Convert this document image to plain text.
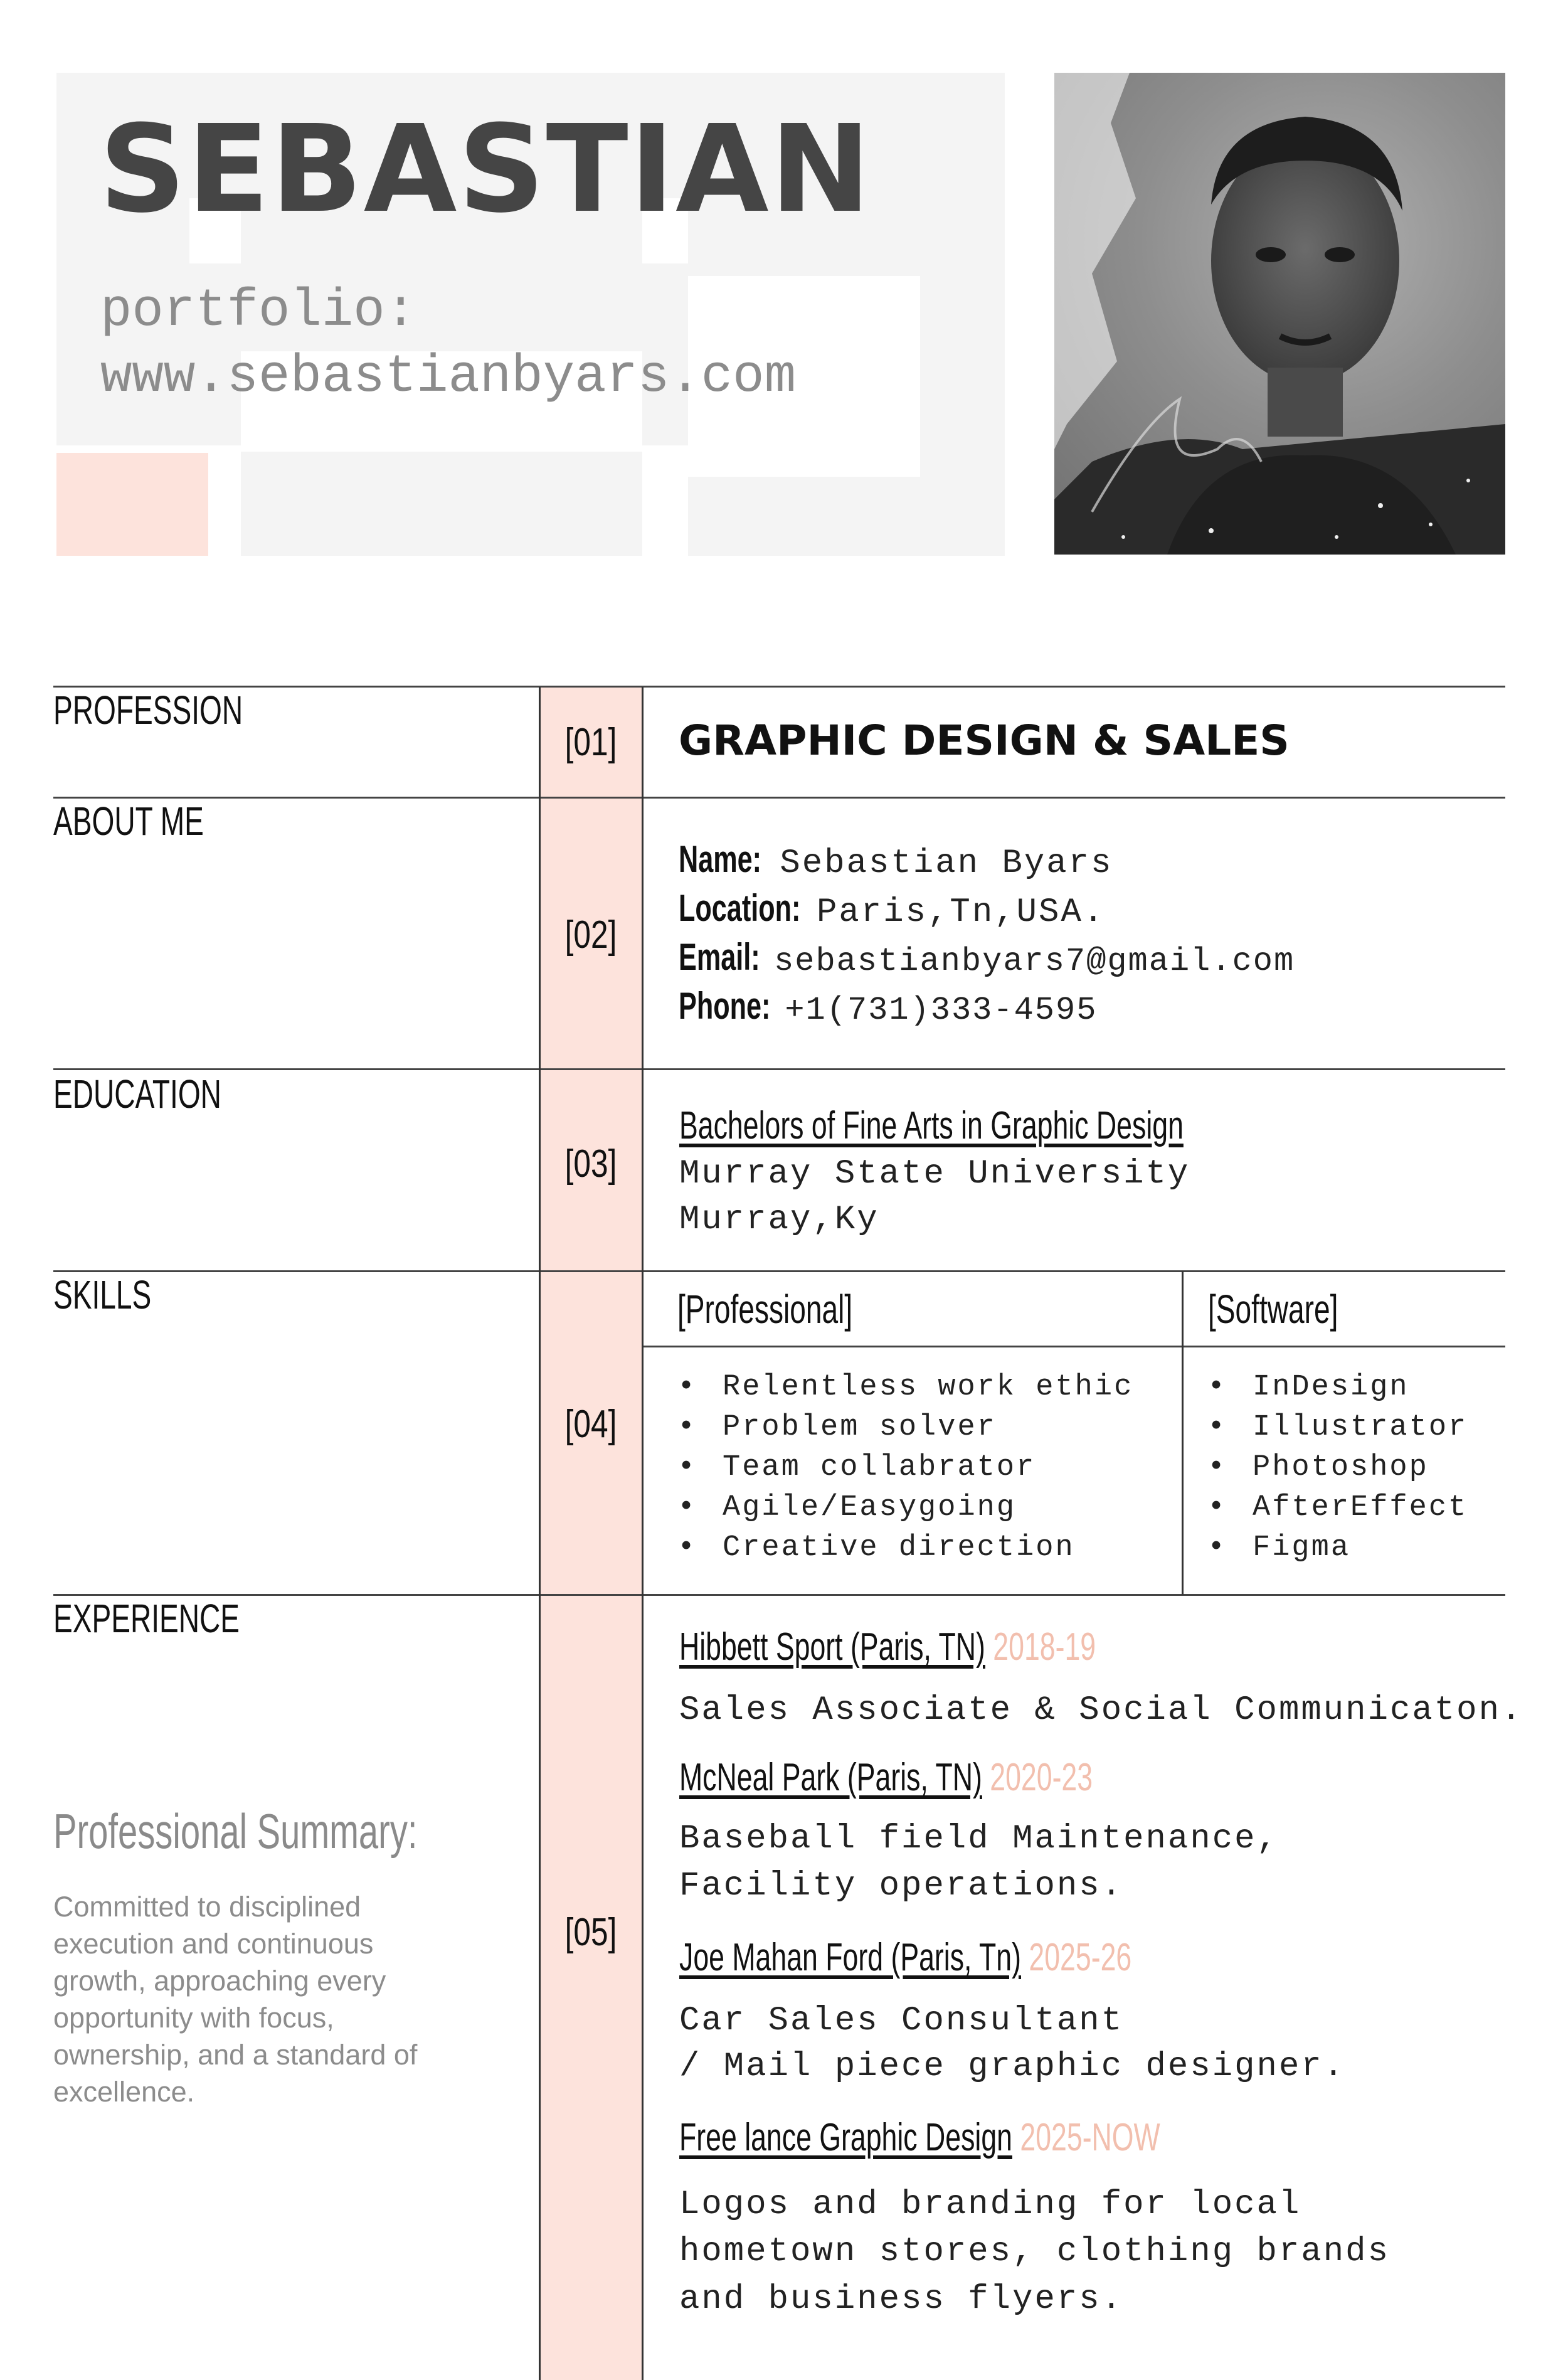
SEBASTIAN
portfolio:
www.sebastianbyars.com
PROFESSION
[01]	GRAPHIC DESIGN & SALES
ABOUT ME
[02]
Name: Sebastian Byars
Location: Paris,Tn,USA.
Email: sebastianbyars7@gmail.com
Phone: +1(731)333-4595
EDUCATION
[03]
Bachelors of Fine Arts in Graphic Design
Murray State University
Murray,Ky
SKILLS
[04]
[Professional]	[Software]
• Relentless work ethic
• Problem solver
• Team collabrator
• Agile/Easygoing
• Creative direction
• InDesign
• Illustrator
• Photoshop
• AfterEffect
• Figma
EXPERIENCE
[05]
Hibbett Sport (Paris, TN) 2018-19
Sales Associate & Social Communicaton.
McNeal Park (Paris, TN) 2020-23
Baseball field Maintenance,
Facility operations.
Joe Mahan Ford (Paris, Tn) 2025-26
Car Sales Consultant
/ Mail piece graphic designer.
Free lance Graphic Design 2025-NOW
Logos and branding for local
hometown stores, clothing brands
and business flyers.
Professional Summary:
Committed to disciplined execution and continuous growth, approaching every opportunity with focus, ownership, and a standard of excellence.
